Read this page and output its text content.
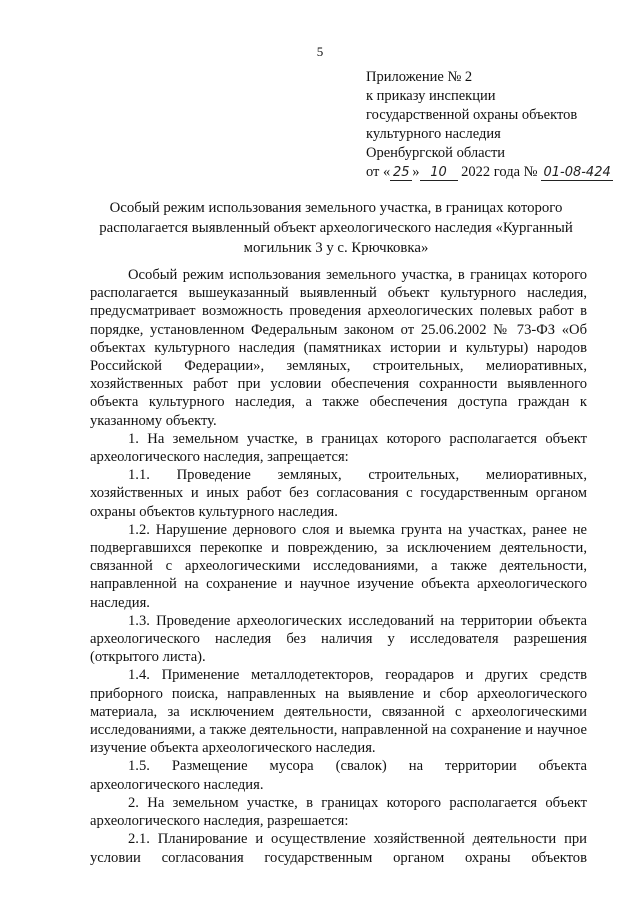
5
Приложение № 2
к приказу инспекции
государственной охраны объектов
культурного наследия
Оренбургской области
от « 25 » 10 2022 года № 01-08-424
Особый режим использования земельного участка, в границах которого располагается выявленный объект археологического наследия «Курганный могильник 3 у с. Крючковка»

Особый режим использования земельного участка, в границах которого располагается вышеуказанный выявленный объект культурного наследия, предусматривает возможность проведения археологических полевых работ в порядке, установленном Федеральным законом от 25.06.2002 № 73-ФЗ «Об объектах культурного наследия (памятниках истории и культуры) народов Российской Федерации», земляных, строительных, мелиоративных, хозяйственных работ при условии обеспечения сохранности выявленного объекта культурного наследия, а также обеспечения доступа граждан к указанному объекту.

1. На земельном участке, в границах которого располагается объект археологического наследия, запрещается:

1.1. Проведение земляных, строительных, мелиоративных, хозяйственных и иных работ без согласования с государственным органом охраны объектов культурного наследия.

1.2. Нарушение дернового слоя и выемка грунта на участках, ранее не подвергавшихся перекопке и повреждению, за исключением деятельности, связанной с археологическими исследованиями, а также деятельности, направленной на сохранение и научное изучение объекта археологического наследия.

1.3. Проведение археологических исследований на территории объекта археологического наследия без наличия у исследователя разрешения (открытого листа).

1.4. Применение металлодетекторов, георадаров и других средств приборного поиска, направленных на выявление и сбор археологического материала, за исключением деятельности, связанной с археологическими исследованиями, а также деятельности, направленной на сохранение и научное изучение объекта археологического наследия.

1.5. Размещение мусора (свалок) на территории объекта археологического наследия.

2. На земельном участке, в границах которого располагается объект археологического наследия, разрешается:

2.1. Планирование и осуществление хозяйственной деятельности при условии согласования государственным органом охраны объектов
